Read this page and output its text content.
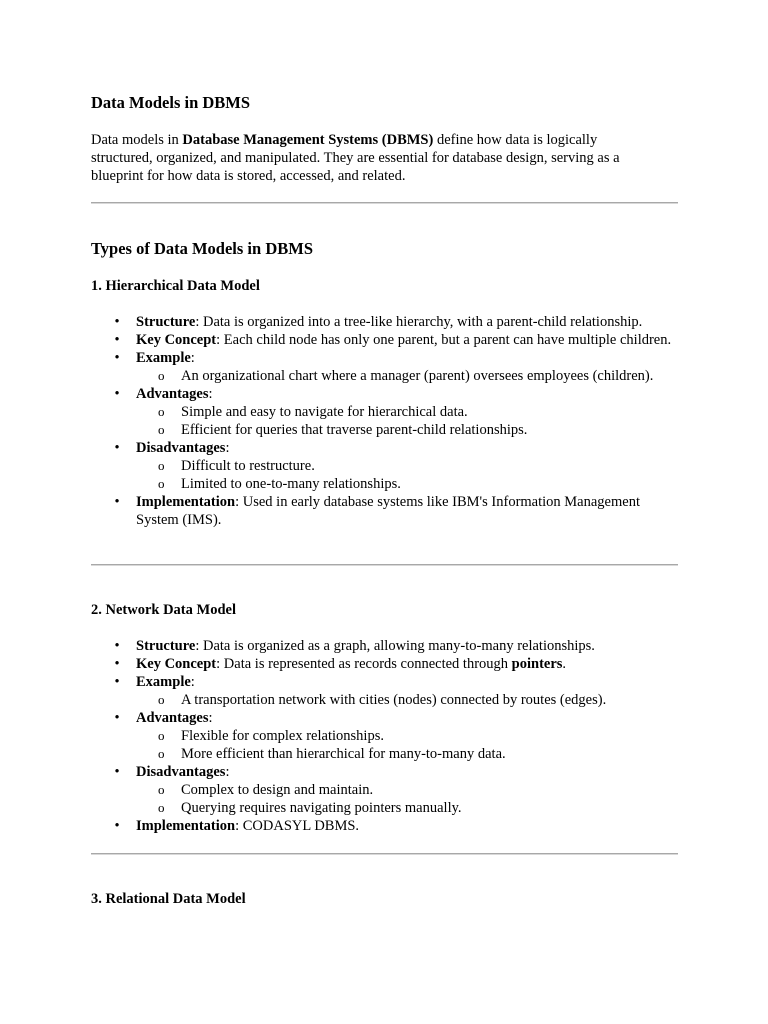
Data Models in DBMS

Data models in Database Management Systems (DBMS) define how data is logically structured, organized, and manipulated. They are essential for database design, serving as a blueprint for how data is stored, accessed, and related.

Types of Data Models in DBMS
1. Hierarchical Data Model
• Structure: Data is organized into a tree-like hierarchy, with a parent-child relationship.
• Key Concept: Each child node has only one parent, but a parent can have multiple children.
• Example:
o An organizational chart where a manager (parent) oversees employees (children).
• Advantages:
o Simple and easy to navigate for hierarchical data.
o Efficient for queries that traverse parent-child relationships.
• Disadvantages:
o Difficult to restructure.
o Limited to one-to-many relationships.
• Implementation: Used in early database systems like IBM's Information Management System (IMS).
2. Network Data Model
• Structure: Data is organized as a graph, allowing many-to-many relationships.
• Key Concept: Data is represented as records connected through pointers.
• Example:
o A transportation network with cities (nodes) connected by routes (edges).
• Advantages:
o Flexible for complex relationships.
o More efficient than hierarchical for many-to-many data.
• Disadvantages:
o Complex to design and maintain.
o Querying requires navigating pointers manually.
• Implementation: CODASYL DBMS.
3. Relational Data Model
